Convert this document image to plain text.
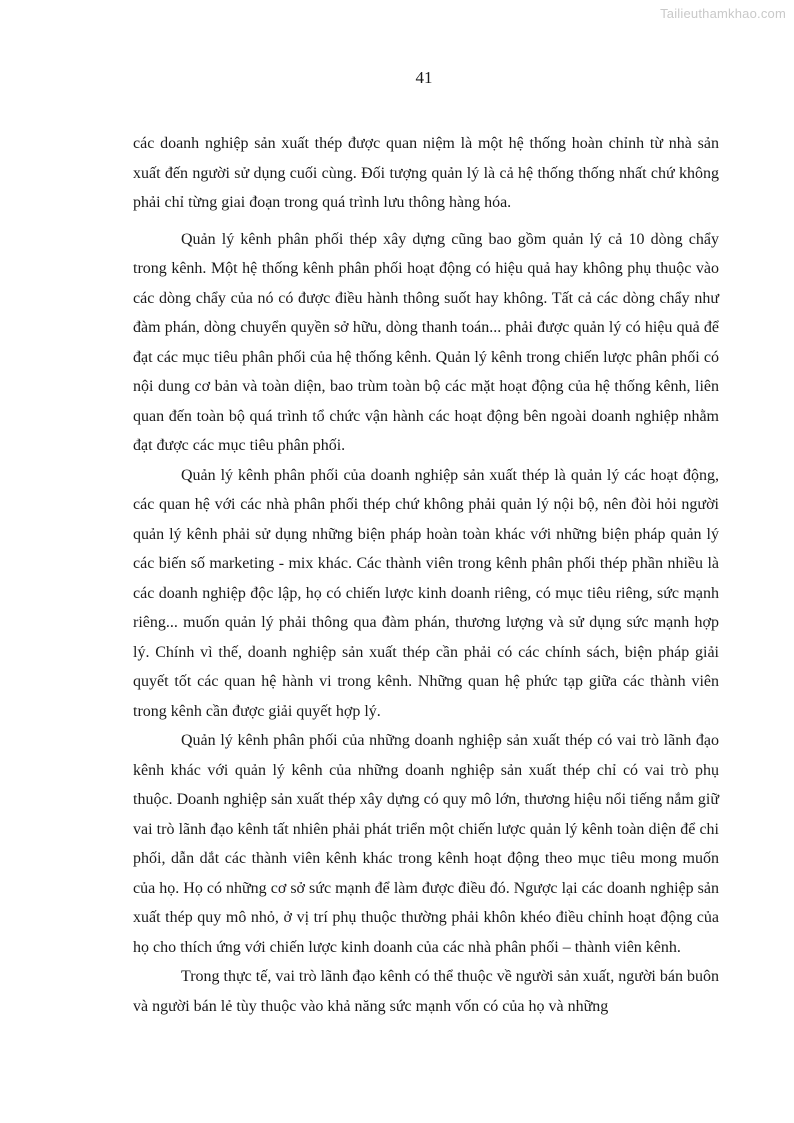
Tailieuthamkhao.com
41

các doanh nghiệp sản xuất thép được quan niệm là một hệ thống hoàn chỉnh từ nhà sản xuất đến người sử dụng cuối cùng. Đối tượng quản lý là cả hệ thống thống nhất chứ không phải chỉ từng giai đoạn trong quá trình lưu thông hàng hóa.

Quản lý kênh phân phối thép xây dựng cũng bao gồm quản lý cả 10 dòng chẩy trong kênh. Một hệ thống kênh phân phối hoạt động có hiệu quả hay không phụ thuộc vào các dòng chẩy của nó có được điều hành thông suốt hay không. Tất cả các dòng chẩy như đàm phán, dòng chuyển quyền sở hữu, dòng thanh toán... phải được quản lý có hiệu quả để đạt các mục tiêu phân phối của hệ thống kênh. Quản lý kênh trong chiến lược phân phối có nội dung cơ bản và toàn diện, bao trùm toàn bộ các mặt hoạt động của hệ thống kênh, liên quan đến toàn bộ quá trình tổ chức vận hành các hoạt động bên ngoài doanh nghiệp nhằm đạt được các mục tiêu phân phối.

Quản lý kênh phân phối của doanh nghiệp sản xuất thép là quản lý các hoạt động, các quan hệ với các nhà phân phối thép chứ không phải quản lý nội bộ, nên đòi hỏi người quản lý kênh phải sử dụng những biện pháp hoàn toàn khác với những biện pháp quản lý các biến số marketing - mix khác. Các thành viên trong kênh phân phối thép phần nhiều là các doanh nghiệp độc lập, họ có chiến lược kinh doanh riêng, có mục tiêu riêng, sức mạnh riêng... muốn quản lý phải thông qua đàm phán, thương lượng và sử dụng sức mạnh hợp lý. Chính vì thế, doanh nghiệp sản xuất thép cần phải có các chính sách, biện pháp giải quyết tốt các quan hệ hành vi trong kênh. Những quan hệ phức tạp giữa các thành viên trong kênh cần được giải quyết hợp lý.

Quản lý kênh phân phối của những doanh nghiệp sản xuất thép có vai trò lãnh đạo kênh khác với quản lý kênh của những doanh nghiệp sản xuất thép chỉ có vai trò phụ thuộc. Doanh nghiệp sản xuất thép xây dựng có quy mô lớn, thương hiệu nổi tiếng nắm giữ vai trò lãnh đạo kênh tất nhiên phải phát triển một chiến lược quản lý kênh toàn diện để chi phối, dẫn dắt các thành viên kênh khác trong kênh hoạt động theo mục tiêu mong muốn của họ. Họ có những cơ sở sức mạnh để làm được điều đó. Ngược lại các doanh nghiệp sản xuất thép quy mô nhỏ, ở vị trí phụ thuộc thường phải khôn khéo điều chỉnh hoạt động của họ cho thích ứng với chiến lược kinh doanh của các nhà phân phối – thành viên kênh.

Trong thực tế, vai trò lãnh đạo kênh có thể thuộc về người sản xuất, người bán buôn và người bán lẻ tùy thuộc vào khả năng sức mạnh vốn có của họ và những
